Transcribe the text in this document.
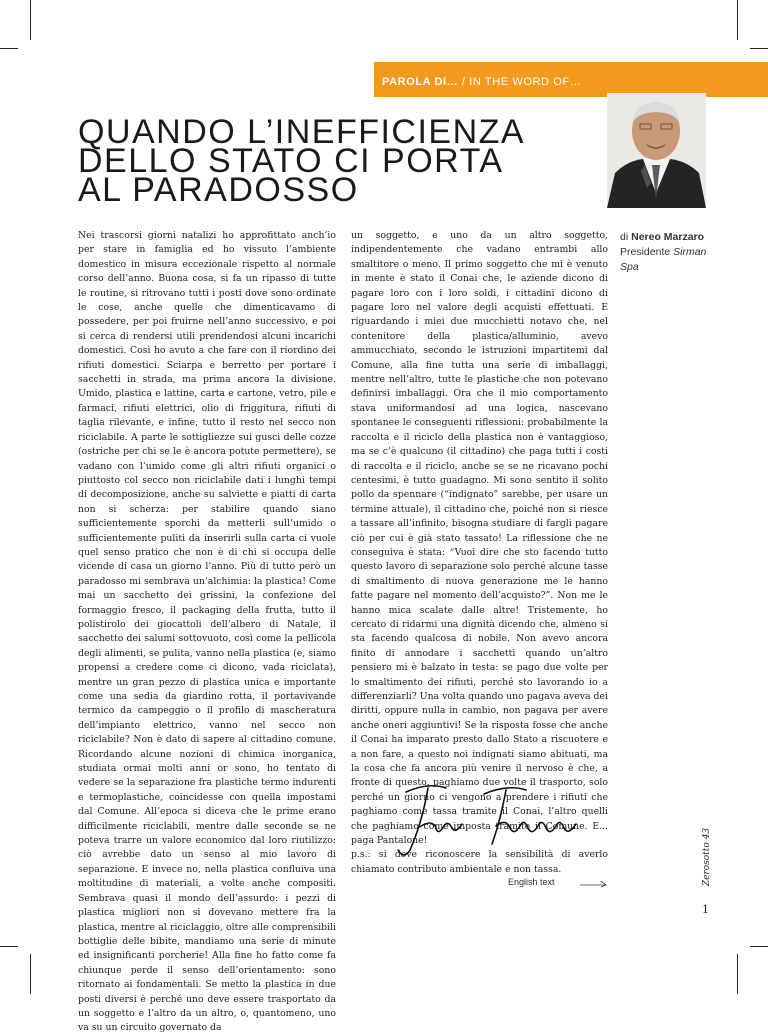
PAROLA DI… / IN THE WORD OF…
QUANDO L’INEFFICIENZA
DELLO STATO CI PORTA
AL PARADOSSO
di Nereo Marzaro
Presidente Sirman
Spa

Nei trascorsi giorni natalizi ho approfittato anch’io per stare in famiglia ed ho vissuto l’ambiente domestico in misura eccezionale rispetto al normale corso dell’anno. Buona cosa, si fa un ripasso di tutte le routine, si ritrovano tutti i posti dove sono ordinate le cose, anche quelle che dimenticavamo di possedere, per poi fruirne nell’anno successivo, e poi si cerca di rendersi utili prendendosi alcuni incarichi domestici. Così ho avuto a che fare con il riordino dei rifiuti domestici. Sciarpa e berretto per portare i sacchetti in strada, ma prima ancora la divisione. Umido, plastica e lattine, carta e cartone, vetro, pile e farmaci, rifiuti elettrici, olio di friggitura, rifiuti di taglia rilevante, e infine, tutto il resto nel secco non riciclabile. A parte le sottigliezze sui gusci delle cozze (ostriche per chi se le è ancora potute permettere), se vadano con l’umido come gli altri rifiuti organici o piuttosto col secco non riciclabile dati i lunghi tempi di decomposizione, anche su salviette e piatti di carta non si scherza: per stabilire quando siano sufficientemente sporchi da metterli sull’umido o sufficientemente puliti da inserirli sulla carta ci vuole quel senso pratico che non è di chi si occupa delle vicende di casa un giorno l’anno. Più di tutto però un paradosso mi sembrava un’alchimia: la plastica! Come mai un sacchetto dei grissini, la confezione del formaggio fresco, il packaging della frutta, tutto il polistirolo dei giocattoli dell’albero di Natale, il sacchetto dei salumi sottovuoto, così come la pellicola degli alimenti, se pulita, vanno nella plastica (e, siamo propensi a credere come ci dicono, vada riciclata), mentre un gran pezzo di plastica unica e importante come una sedia da giardino rotta, il portavivande termico da campeggio o il profilo di mascheratura dell’impianto elettrico, vanno nel secco non riciclabile? Non è dato di sapere al cittadino comune. Ricordando alcune nozioni di chimica inorganica, studiata ormai molti anni or sono, ho tentato di vedere se la separazione fra plastiche termo indurenti e termoplastiche, coincidesse con quella impostami dal Comune. All’epoca si diceva che le prime erano difficilmente riciclabili, mentre dalle seconde se ne poteva trarre un valore economico dal loro riutilizzo: ciò avrebbe dato un senso al mio lavoro di separazione. E invece no, nella plastica confluiva una moltitudine di materiali, a volte anche compositi. Sembrava quasi il mondo dell’assurdo: i pezzi di plastica migliori non si dovevano mettere fra la plastica, mentre al riciclaggio, oltre alle comprensibili bottiglie delle bibite, mandiamo una serie di minute ed insignificanti porcherie! Alla fine ho fatto come fa chiunque perde il senso dell’orientamento: sono ritornato ai fondamentali. Se metto la plastica in due posti diversi è perché uno deve essere trasportato da un soggetto e l’altro da un altro, o, quantomeno, uno va su un circuito governato da

un soggetto, e uno da un altro soggetto, indipendentemente che vadano entrambi allo smaltitore o meno. Il primo soggetto che mi è venuto in mente è stato il Conai che, le aziende dicono di pagare loro con i loro soldi, i cittadini dicono di pagare loro nel valore degli acquisti effettuati. E riguardando i miei due mucchietti notavo che, nel contenitore della plastica/alluminio, avevo ammucchiato, secondo le istruzioni impartitemi dal Comune, alla fine tutta una serie di imballaggi, mentre nell’altro, tutte le plastiche che non potevano definirsi imballaggi. Ora che il mio comportamento stava uniformandosi ad una logica, nascevano spontanee le conseguenti riflessioni: probabilmente la raccolta e il riciclo della plastica non è vantaggioso, ma se c’è qualcuno (il cittadino) che paga tutti i costi di raccolta e il riciclo, anche se se ne ricavano pochi centesimi, è tutto guadagno. Mi sono sentito il solito pollo da spennare (“indignato” sarebbe, per usare un termine attuale), il cittadino che, poiché non si riesce a tassare all’infinito, bisogna studiare di fargli pagare ciò per cui è già stato tassato! La riflessione che ne conseguiva è stata: “Vuoi dire che sto facendo tutto questo lavoro di separazione solo perché alcune tasse di smaltimento di nuova generazione me le hanno fatte pagare nel momento dell’acquisto?”. Non me le hanno mica scalate dalle altre! Tristemente, ho cercato di ridarmi una dignità dicendo che, almeno si sta facendo qualcosa di nobile. Non avevo ancora finito di annodare i sacchetti quando un’altro pensiero mi è balzato in testa: se pago due volte per lo smaltimento dei rifiuti, perché sto lavorando io a differenziarli? Una volta quando uno pagava aveva dei diritti, oppure nulla in cambio, non pagava per avere anche oneri aggiuntivi! Se la risposta fosse che anche il Conai ha imparato presto dallo Stato a riscuotere e a non fare, a questo noi indignati siamo abituati, ma la cosa che fa ancora più venire il nervoso è che, a fronte di questo, paghiamo due volte il trasporto, solo perché un giorno ci vengono a prendere i rifiuti che paghiamo come tassa tramite il Conai, l’altro quelli che paghiamo come imposta tramite il Comune. E... paga Pantalone!

p.s.: si deve riconoscere la sensibilità di averlo chiamato contributo ambientale e non tassa.	Zerosotto 43
English text
1
